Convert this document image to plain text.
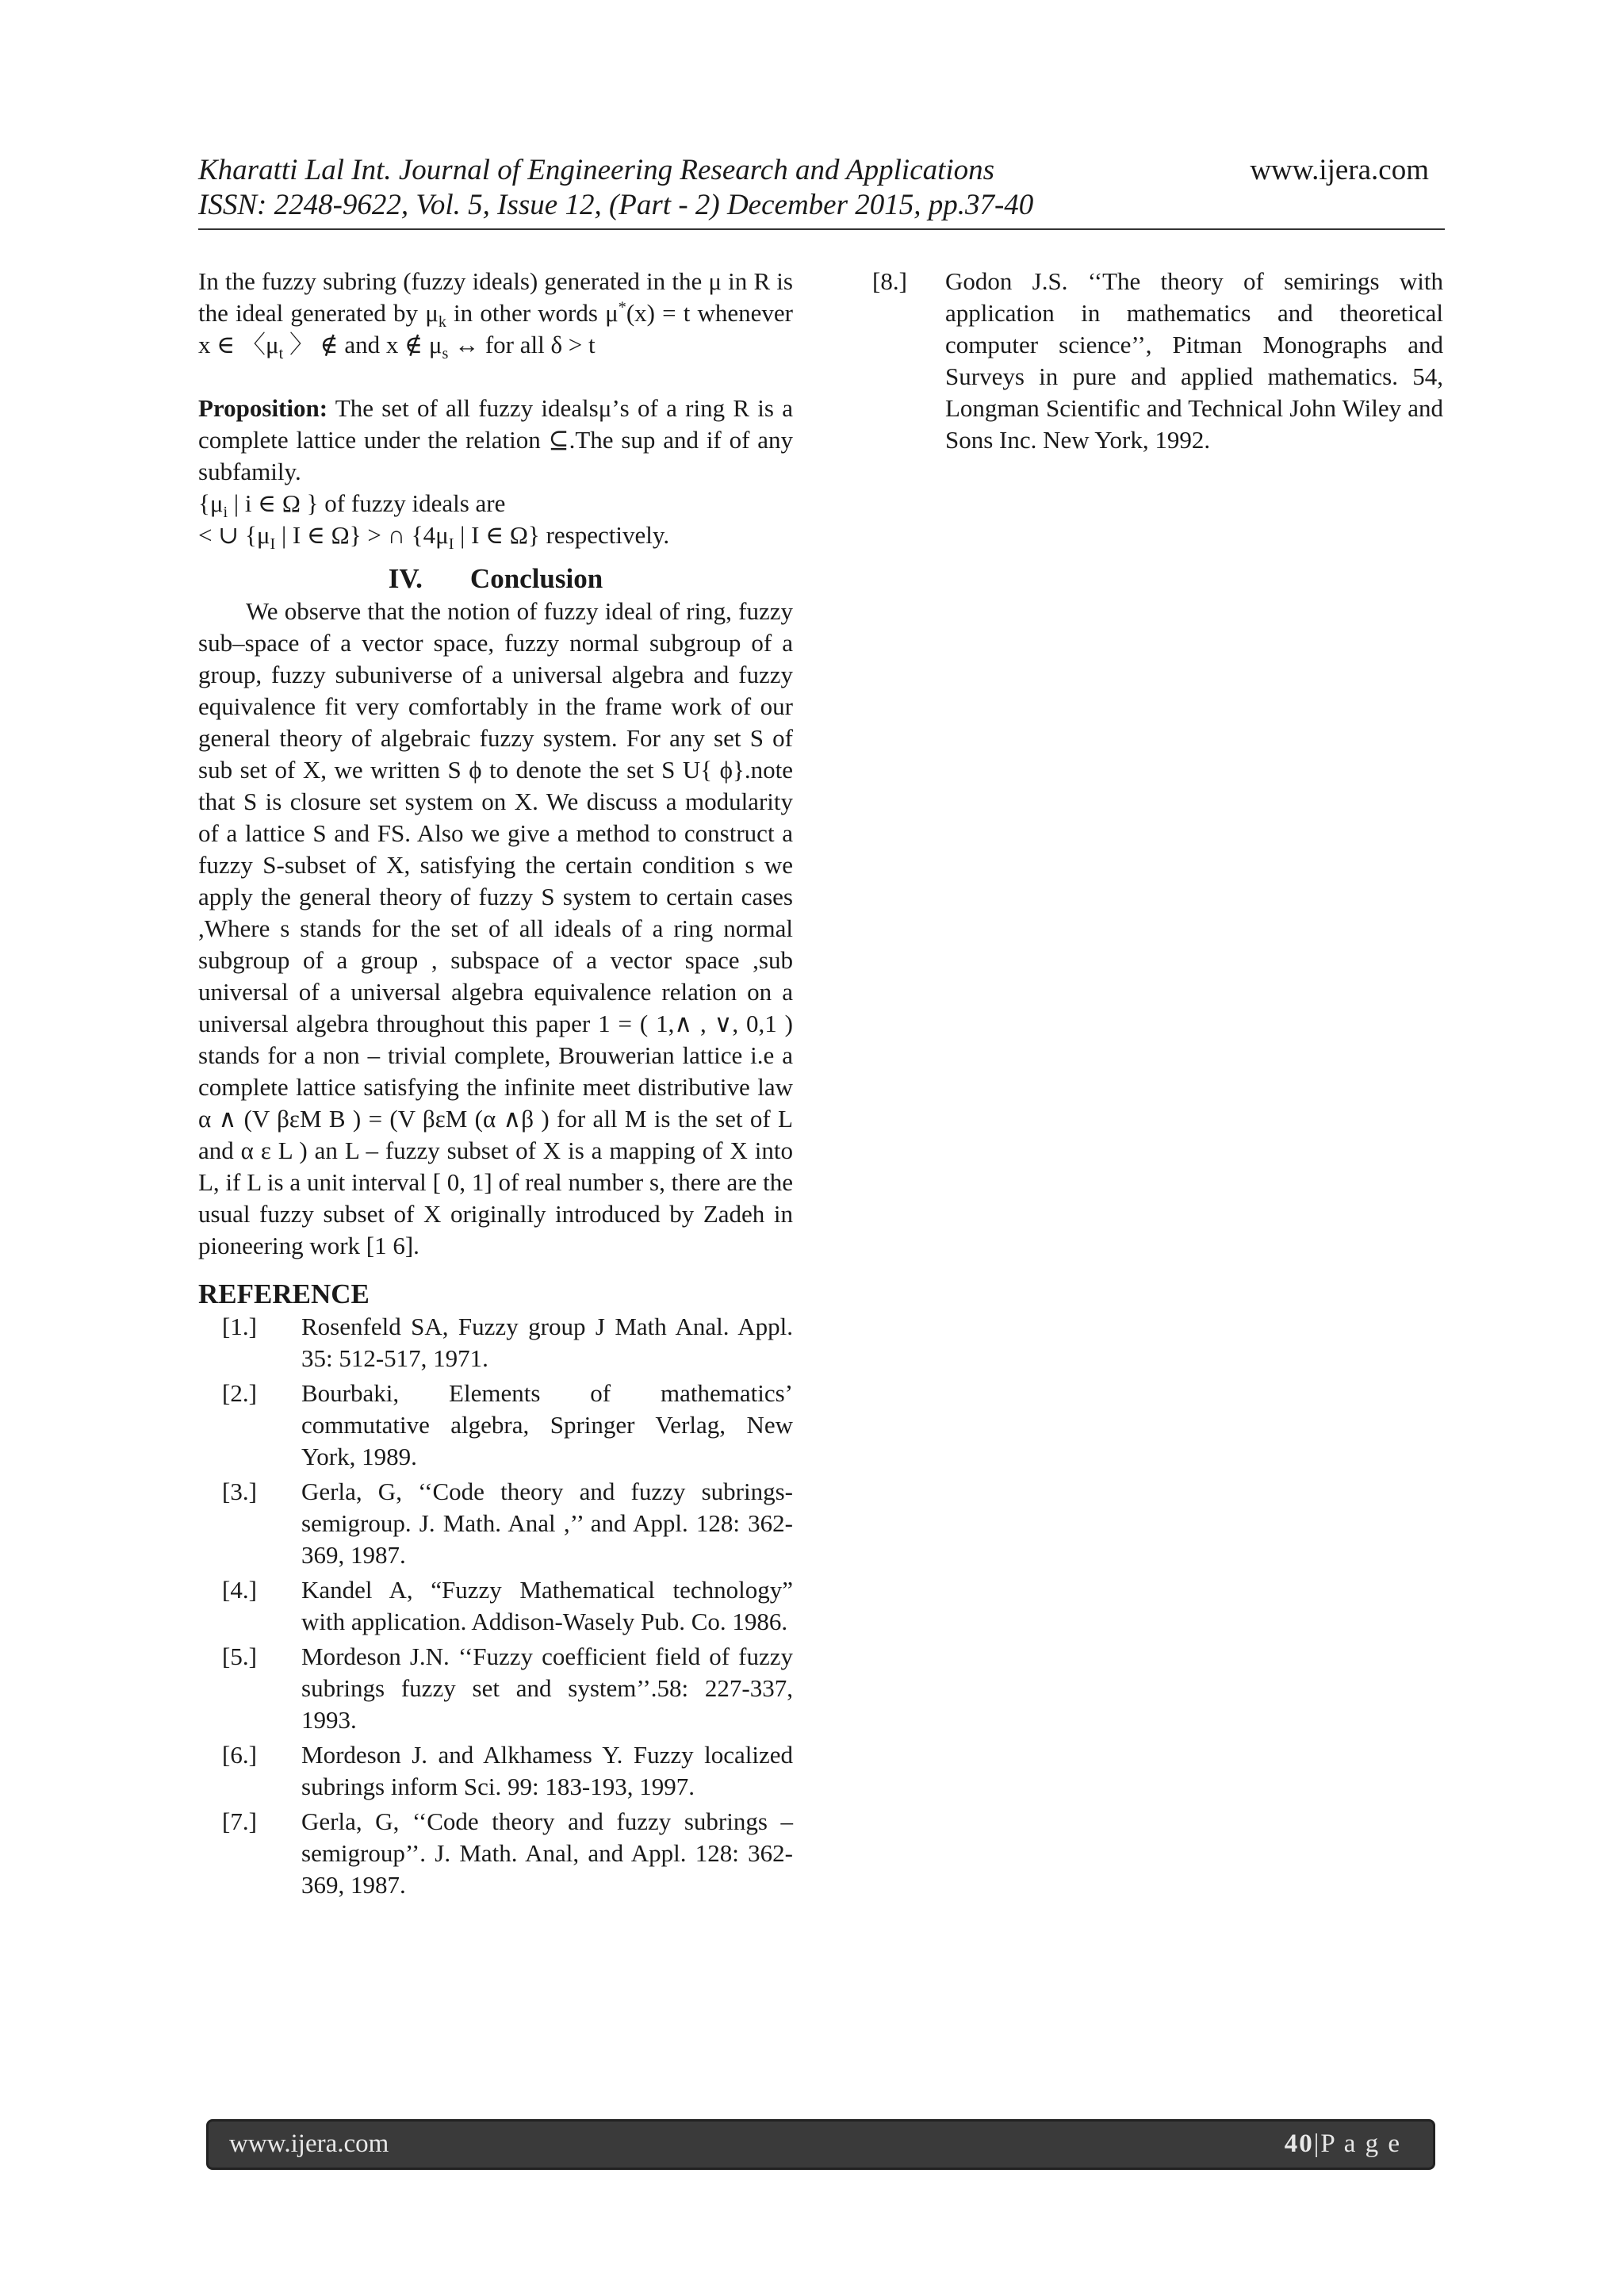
Kharatti Lal Int. Journal of Engineering Research and Applications	www.ijera.com
ISSN: 2248-9622, Vol. 5, Issue 12, (Part - 2) December 2015, pp.37-40

In the fuzzy subring (fuzzy ideals) generated in the μ in R is the ideal generated by $\mu_k$ in other words μ*(x) = t whenever x ∈ 〈$\mu_t$ 〉 ∉ and x ∉ $\mu_s$ ↔ for all δ > t

Proposition: The set of all fuzzy idealsμ’s of a ring R is a complete lattice under the relation ⊆.The sup and if of any subfamily.

{$\mu_i$ | i ∈ Ω } of fuzzy ideals are

< ∪ {$\mu_I$ | I ∈ Ω} > ∩ {$4\mu_I$ | I ∈ Ω} respectively.

IV. Conclusion

We observe that the notion of fuzzy ideal of ring, fuzzy sub–space of a vector space, fuzzy normal subgroup of a group, fuzzy subuniverse of a universal algebra and fuzzy equivalence fit very comfortably in the frame work of our general theory of algebraic fuzzy system. For any set S of sub set of X, we written S ϕ to denote the set S U{ ϕ}.note that S is closure set system on X. We discuss a modularity of a lattice S and FS. Also we give a method to construct a fuzzy S-subset of X, satisfying the certain condition s we apply the general theory of fuzzy S system to certain cases ,Where s stands for the set of all ideals of a ring normal subgroup of a group , subspace of a vector space ,sub universal of a universal algebra equivalence relation on a universal algebra throughout this paper 1 = ( 1,∧ , ∨, 0,1 ) stands for a non – trivial complete, Brouwerian lattice i.e a complete lattice satisfying the infinite meet distributive law α ∧ (V βεM B ) = (V βεM (α ∧β ) for all M is the set of L and α ε L ) an L – fuzzy subset of X is a mapping of X into L, if L is a unit interval [ 0, 1] of real number s, there are the usual fuzzy subset of X originally introduced by Zadeh in pioneering work [1 6].

REFERENCE
[1.]	Rosenfeld SA, Fuzzy group J Math Anal. Appl. 35: 512-517, 1971.
[2.]	Bourbaki, Elements of mathematics’ commutative algebra, Springer Verlag, New York, 1989.
[3.]	Gerla, G, ‘‘Code theory and fuzzy subrings-semigroup. J. Math. Anal ,’’ and Appl. 128: 362-369, 1987.
[4.]	Kandel A, “Fuzzy Mathematical technology” with application. Addison-Wasely Pub. Co. 1986.
[5.]	Mordeson J.N. ‘‘Fuzzy coefficient field of fuzzy subrings fuzzy set and system’’.58: 227-337, 1993.
[6.]	Mordeson J. and Alkhamess Y. Fuzzy localized subrings inform Sci. 99: 183-193, 1997.
[7.]	Gerla, G, ‘‘Code theory and fuzzy subrings – semigroup’’. J. Math. Anal, and Appl. 128: 362-369, 1987.
[8.]	Godon J.S. ‘‘The theory of semirings with application in mathematics and theoretical computer science’’, Pitman Monographs and Surveys in pure and applied mathematics. 54, Longman Scientific and Technical John Wiley and Sons Inc. New York, 1992.
www.ijera.com	40|P a g e
